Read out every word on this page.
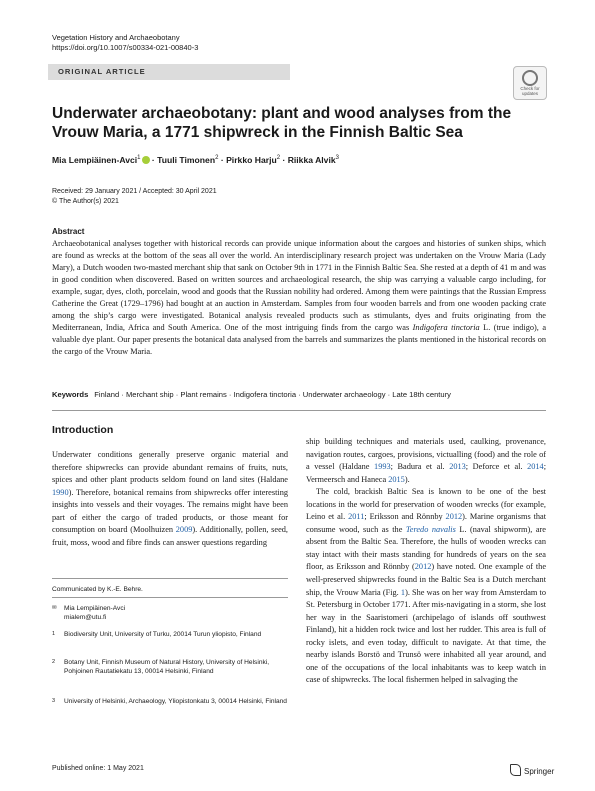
Vegetation History and Archaeobotany
https://doi.org/10.1007/s00334-021-00840-3
ORIGINAL ARTICLE
Check for
updates
Underwater archaeobotany: plant and wood analyses from the Vrouw Maria, a 1771 shipwreck in the Finnish Baltic Sea
Mia Lempiäinen-Avci$^1$ · Tuuli Timonen$^2$ · Pirkko Harju$^2$ · Riikka Alvik$^3$
Received: 29 January 2021 / Accepted: 30 April 2021
© The Author(s) 2021
Abstract
Archaeobotanical analyses together with historical records can provide unique information about the cargoes and histories of sunken ships, which are found as wrecks at the bottom of the seas all over the world. An interdisciplinary research project was undertaken on the Vrouw Maria (Lady Mary), a Dutch wooden two-masted merchant ship that sank on October 9th in 1771 in the Finnish Baltic Sea. She rested at a depth of 41 m and was in good condition when discovered. Based on written sources and archaeological research, the ship was carrying a valuable cargo including, for example, sugar, dyes, cloth, porcelain, wood and goods that the Russian nobility had ordered. Among them were paintings that the Russian Empress Catherine the Great (1729–1796) had bought at an auction in Amsterdam. Samples from four wooden barrels and from one wooden packing crate among the ship’s cargo were investigated. Botanical analysis revealed products such as stimulants, dyes and fruits originating from the Mediterranean, India, Africa and South America. One of the most intriguing finds from the cargo was Indigofera tinctoria L. (true indigo), a valuable dye plant. Our paper presents the botanical data analysed from the barrels and summarizes the plants mentioned in the historical records on the cargo of the Vrouw Maria.
Keywords Finland · Merchant ship · Plant remains · Indigofera tinctoria · Underwater archaeology · Late 18th century
Introduction
Underwater conditions generally preserve organic material and therefore shipwrecks can provide abundant remains of fruits, nuts, spices and other plant products seldom found on land sites (Haldane 1990). Therefore, botanical remains from shipwrecks offer interesting insights into vessels and their voyages. The remains might have been part of either the cargo of traded products, or those meant for consumption on board (Moolhuizen 2009). Additionally, pollen, seed, fruit, moss, wood and fibre finds can answer questions regarding

ship building techniques and materials used, caulking, provenance, navigation routes, cargoes, provisions, victualling (food) and the role of a vessel (Haldane 1993; Badura et al. 2013; Deforce et al. 2014; Vermeersch and Haneca 2015).

The cold, brackish Baltic Sea is known to be one of the best locations in the world for preservation of wooden wrecks (for example, Leino et al. 2011; Eriksson and Rönnby 2012). Marine organisms that consume wood, such as the Teredo navalis L. (naval shipworm), are absent from the Baltic Sea. Therefore, the hulls of wooden wrecks can stay intact with their masts standing for hundreds of years on the sea floor, as Eriksson and Rönnby (2012) have noted. One example of the well-preserved shipwrecks found in the Baltic Sea is a Dutch merchant ship, the Vrouw Maria (Fig. 1). She was on her way from Amsterdam to St. Petersburg in October 1771. After mis-navigating in a storm, she lost her way in the Saaristomeri (archipelago of islands off southwest Finland), hit a hidden rock twice and lost her rudder. This area is full of rocky islets, and even today, difficult to navigate. At that time, the nearby islands Borstö and Trunsö were inhabited all year around, and one of the occupations of the local inhabitants was to keep watch in case of shipwrecks. The local fishermen helped in salvaging the

Communicated by K.-E. Behre.
✉ Mia Lempiäinen-Avci
mialem@utu.fi
1 Biodiversity Unit, University of Turku, 20014 Turun yliopisto, Finland
2 Botany Unit, Finnish Museum of Natural History, University of Helsinki, Pohjoinen Rautatiekatu 13, 00014 Helsinki, Finland
3 University of Helsinki, Archaeology, Yliopistonkatu 3, 00014 Helsinki, Finland
Published online: 1 May 2021	Springer
